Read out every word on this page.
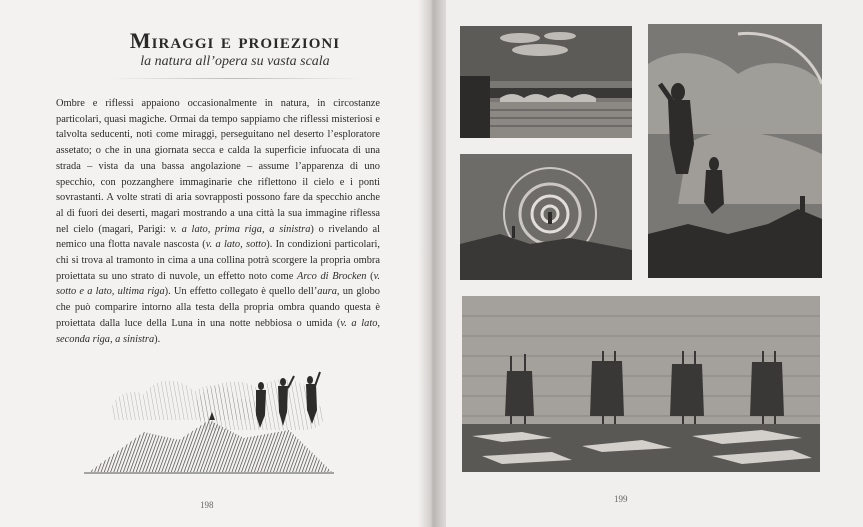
Miraggi e proiezioni
la natura all’opera su vasta scala

Ombre e riflessi appaiono occasionalmente in natura, in circostanze particolari, quasi magiche. Ormai da tempo sappiamo che riflessi misteriosi e talvolta seducenti, noti come miraggi, perseguitano nel deserto l’esploratore assetato; o che in una giornata secca e calda la superficie infuocata di una strada – vista da una bassa angolazione – assume l’apparenza di uno specchio, con pozzanghere immaginarie che riflettono il cielo e i ponti sovrastanti. A volte strati di aria sovrapposti possono fare da specchio anche al di fuori dei deserti, magari mostrando a una città la sua immagine riflessa nel cielo (magari, Parigi: v. a lato, prima riga, a sinistra) o rivelando al nemico una flotta navale nascosta (v. a lato, sotto). In condizioni particolari, chi si trova al tramonto in cima a una collina potrà scorgere la propria ombra proiettata su uno strato di nuvole, un effetto noto come Arco di Brocken (v. sotto e a lato, ultima riga). Un effetto collegato è quello dell’aura, un globo che può comparire intorno alla testa della propria ombra quando questa è proiettata dalla luce della Luna in una notte nebbiosa o umida (v. a lato, seconda riga, a sinistra).

198
199
